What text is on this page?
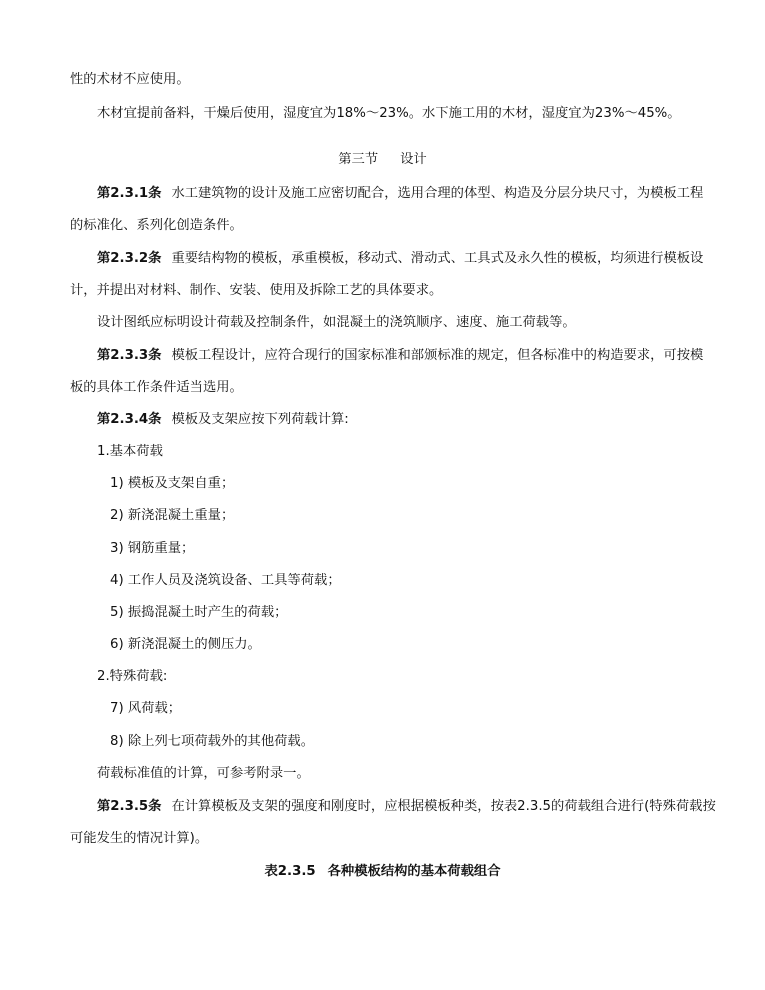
性的术材不应使用。
木材宜提前备料，干燥后使用，湿度宜为18%～23%。水下施工用的木材，湿度宜为23%～45%。
第三节 设计
第2.3.1条 水工建筑物的设计及施工应密切配合，选用合理的体型、构造及分层分块尺寸，为模板工程
的标准化、系列化创造条件。
第2.3.2条 重要结构物的模板，承重模板，移动式、滑动式、工具式及永久性的模板，均须进行模板设
计，并提出对材料、制作、安装、使用及拆除工艺的具体要求。
设计图纸应标明设计荷载及控制条件，如混凝土的浇筑顺序、速度、施工荷载等。
第2.3.3条 模板工程设计，应符合现行的国家标准和部颁标准的规定，但各标准中的构造要求，可按模
板的具体工作条件适当选用。
第2.3.4条 模板及支架应按下列荷载计算:
1.基本荷载
1) 模板及支架自重；
2) 新浇混凝土重量；
3) 钢筋重量；
4) 工作人员及浇筑设备、工具等荷载；
5) 振捣混凝土时产生的荷载；
6) 新浇混凝土的侧压力。
2.特殊荷载:
7) 风荷载；
8) 除上列七项荷载外的其他荷载。
荷载标准值的计算，可参考附录一。
第2.3.5条 在计算模板及支架的强度和刚度时，应根据模板种类，按表2.3.5的荷载组合进行(特殊荷载按
可能发生的情况计算)。
表2.3.5 各种模板结构的基本荷载组合
